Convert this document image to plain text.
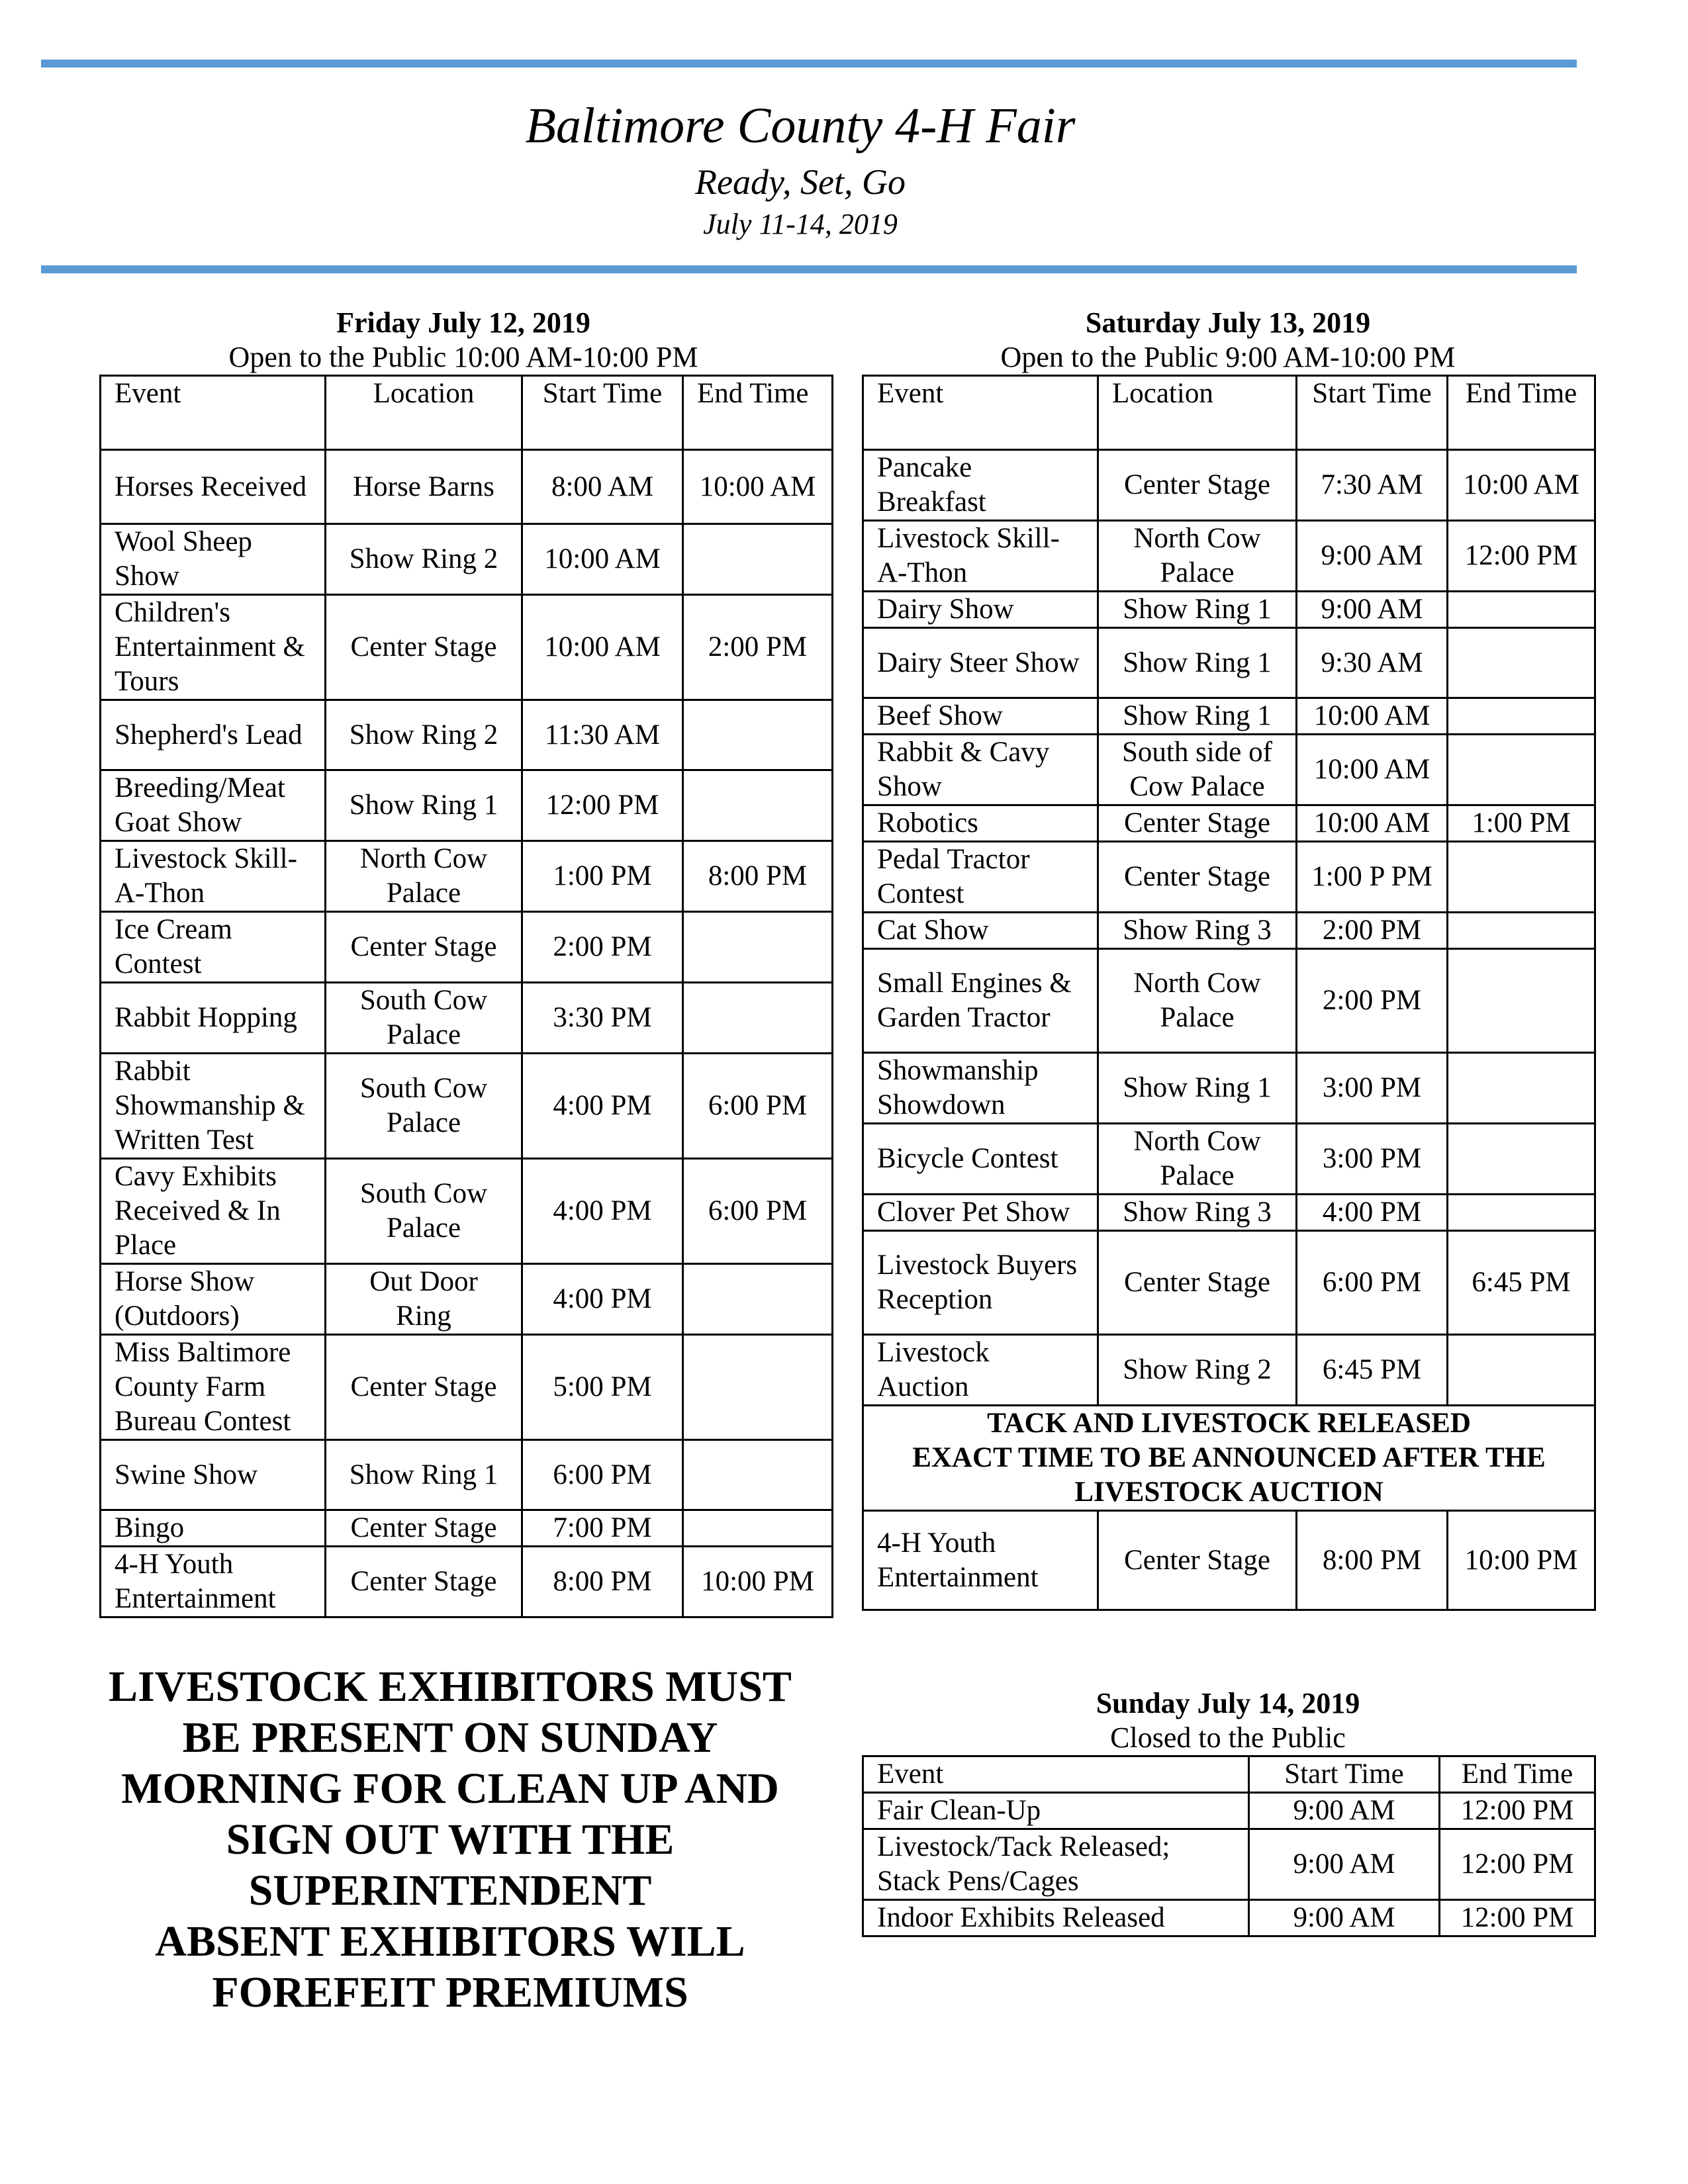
Baltimore County 4-H Fair
Ready, Set, Go
July 11-14, 2019
Friday July 12, 2019
Open to the Public 10:00 AM-10:00 PM
Event	Location	Start Time	End Time
Horses Received	Horse Barns	8:00 AM	10:00 AM
Wool Sheep Show	Show Ring 2	10:00 AM	
Children's Entertainment & Tours	Center Stage	10:00 AM	2:00 PM
Shepherd's Lead	Show Ring 2	11:30 AM	
Breeding/Meat Goat Show	Show Ring 1	12:00 PM	
Livestock Skill-A-Thon	North Cow Palace	1:00 PM	8:00 PM
Ice Cream Contest	Center Stage	2:00 PM	
Rabbit Hopping	South Cow Palace	3:30 PM	
Rabbit Showmanship & Written Test	South Cow Palace	4:00 PM	6:00 PM
Cavy Exhibits Received & In Place	South Cow Palace	4:00 PM	6:00 PM
Horse Show (Outdoors)	Out Door Ring	4:00 PM	
Miss Baltimore County Farm Bureau Contest	Center Stage	5:00 PM	
Swine Show	Show Ring 1	6:00 PM	
Bingo	Center Stage	7:00 PM	
4-H Youth Entertainment	Center Stage	8:00 PM	10:00 PM
Saturday July 13, 2019
Open to the Public 9:00 AM-10:00 PM
Event	Location	Start Time	End Time
Pancake Breakfast	Center Stage	7:30 AM	10:00 AM
Livestock Skill-A-Thon	North Cow Palace	9:00 AM	12:00 PM
Dairy Show	Show Ring 1	9:00 AM	
Dairy Steer Show	Show Ring 1	9:30 AM	
Beef Show	Show Ring 1	10:00 AM	
Rabbit & Cavy Show	South side of Cow Palace	10:00 AM	
Robotics	Center Stage	10:00 AM	1:00 PM
Pedal Tractor Contest	Center Stage	1:00 P PM	
Cat Show	Show Ring 3	2:00 PM	
Small Engines & Garden Tractor	North Cow Palace	2:00 PM	
Showmanship Showdown	Show Ring 1	3:00 PM	
Bicycle Contest	North Cow Palace	3:00 PM	
Clover Pet Show	Show Ring 3	4:00 PM	
Livestock Buyers Reception	Center Stage	6:00 PM	6:45 PM
Livestock Auction	Show Ring 2	6:45 PM	

TACK AND LIVESTOCK RELEASED
EXACT TIME TO BE ANNOUNCED AFTER THE
LIVESTOCK AUCTION			

4-H Youth Entertainment	Center Stage	8:00 PM	10:00 PM
LIVESTOCK EXHIBITORS MUST
BE PRESENT ON SUNDAY
MORNING FOR CLEAN UP AND
SIGN OUT WITH THE
SUPERINTENDENT
ABSENT EXHIBITORS WILL
FOREFEIT PREMIUMS
Sunday July 14, 2019
Closed to the Public
Event	Start Time	End Time
Fair Clean-Up	9:00 AM	12:00 PM
Livestock/Tack Released; Stack Pens/Cages	9:00 AM	12:00 PM
Indoor Exhibits Released	9:00 AM	12:00 PM
